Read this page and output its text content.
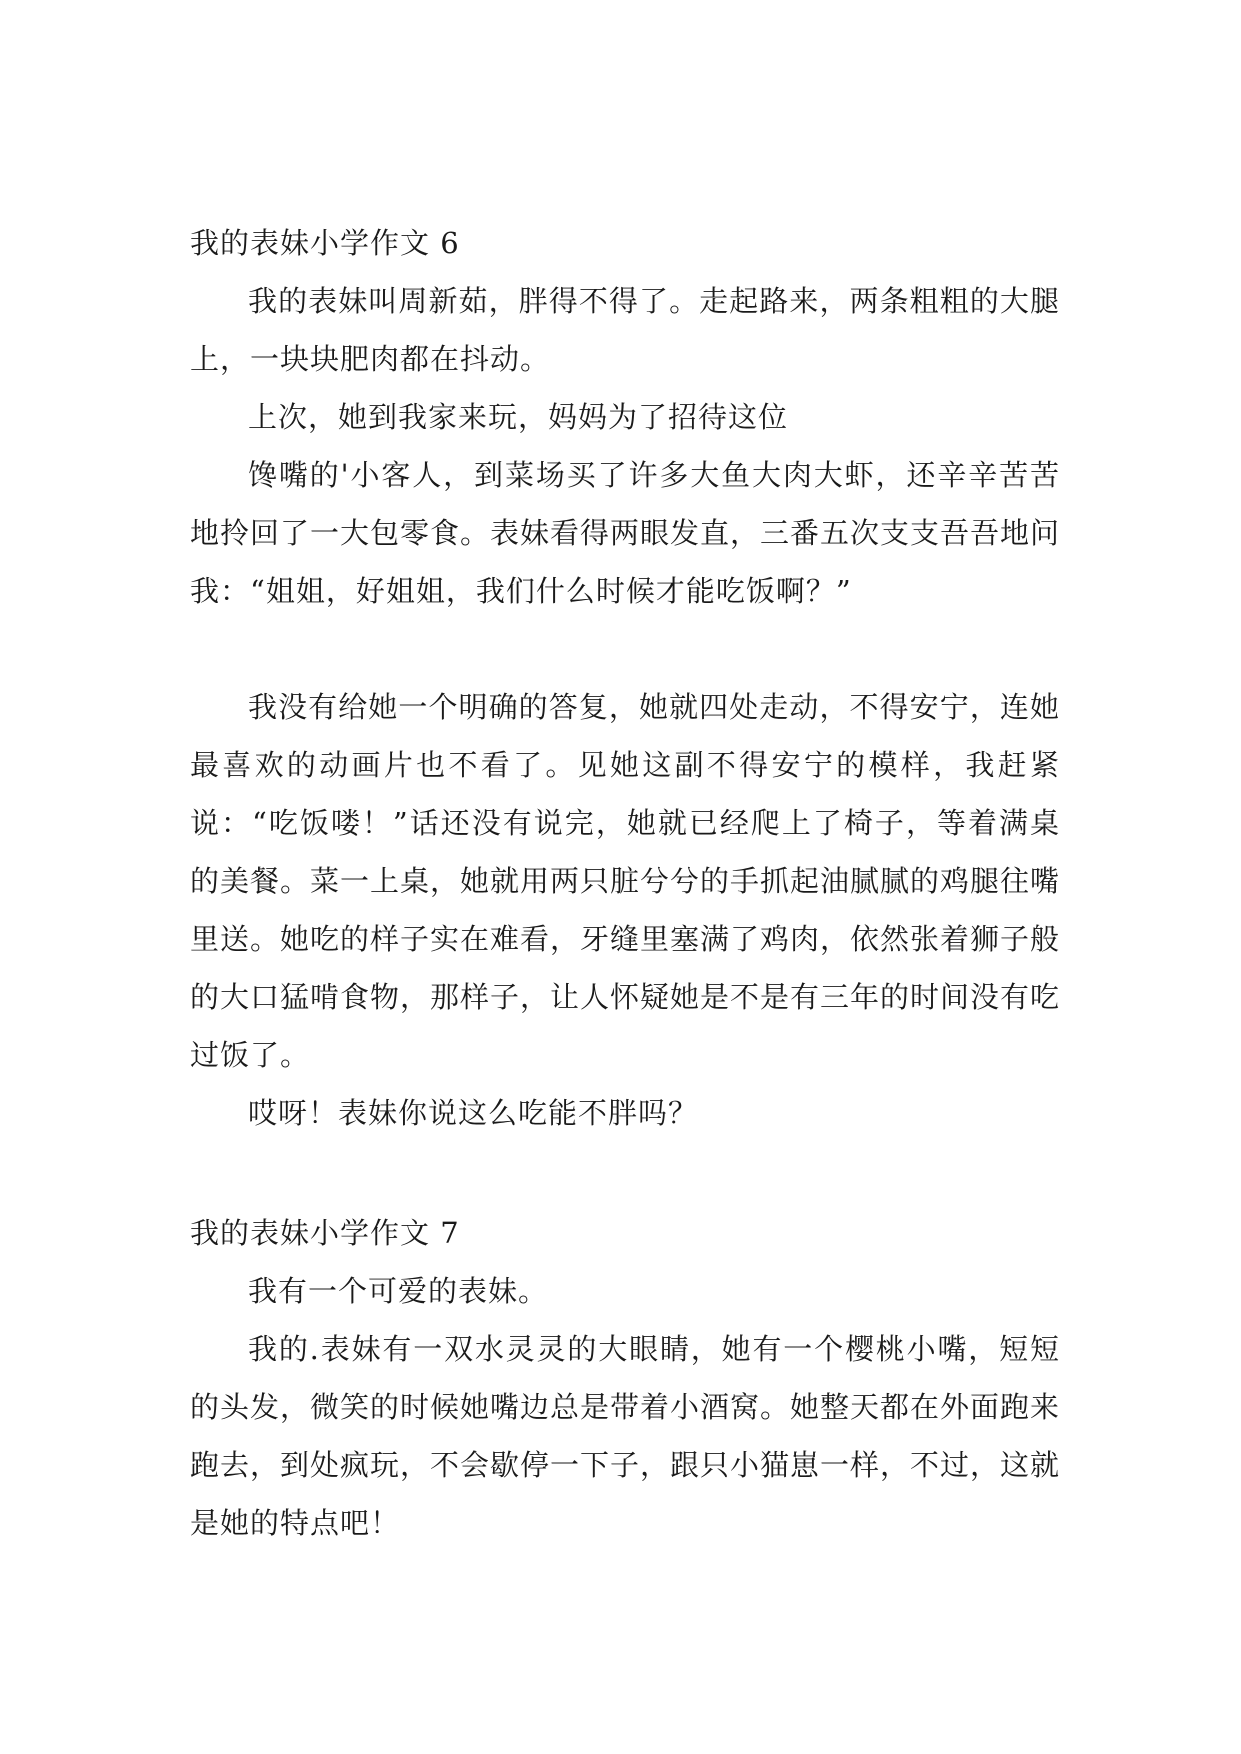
我的表妹小学作文 6
我的表妹叫周新茹，胖得不得了。走起路来，两条粗粗的大腿上，一块块肥肉都在抖动。
上次，她到我家来玩，妈妈为了招待这位
馋嘴的'小客人，到菜场买了许多大鱼大肉大虾，还辛辛苦苦地拎回了一大包零食。表妹看得两眼发直，三番五次支支吾吾地问我：“姐姐，好姐姐，我们什么时候才能吃饭啊？”
我没有给她一个明确的答复，她就四处走动，不得安宁，连她最喜欢的动画片也不看了。见她这副不得安宁的模样，我赶紧说：“吃饭喽！”话还没有说完，她就已经爬上了椅子，等着满桌的美餐。菜一上桌，她就用两只脏兮兮的手抓起油腻腻的鸡腿往嘴里送。她吃的样子实在难看，牙缝里塞满了鸡肉，依然张着狮子般的大口猛啃食物，那样子，让人怀疑她是不是有三年的时间没有吃过饭了。
哎呀！表妹你说这么吃能不胖吗？
我的表妹小学作文 7
我有一个可爱的表妹。
我的.表妹有一双水灵灵的大眼睛，她有一个樱桃小嘴，短短的头发，微笑的时候她嘴边总是带着小酒窝。她整天都在外面跑来跑去，到处疯玩，不会歇停一下子，跟只小猫崽一样，不过，这就是她的特点吧！
